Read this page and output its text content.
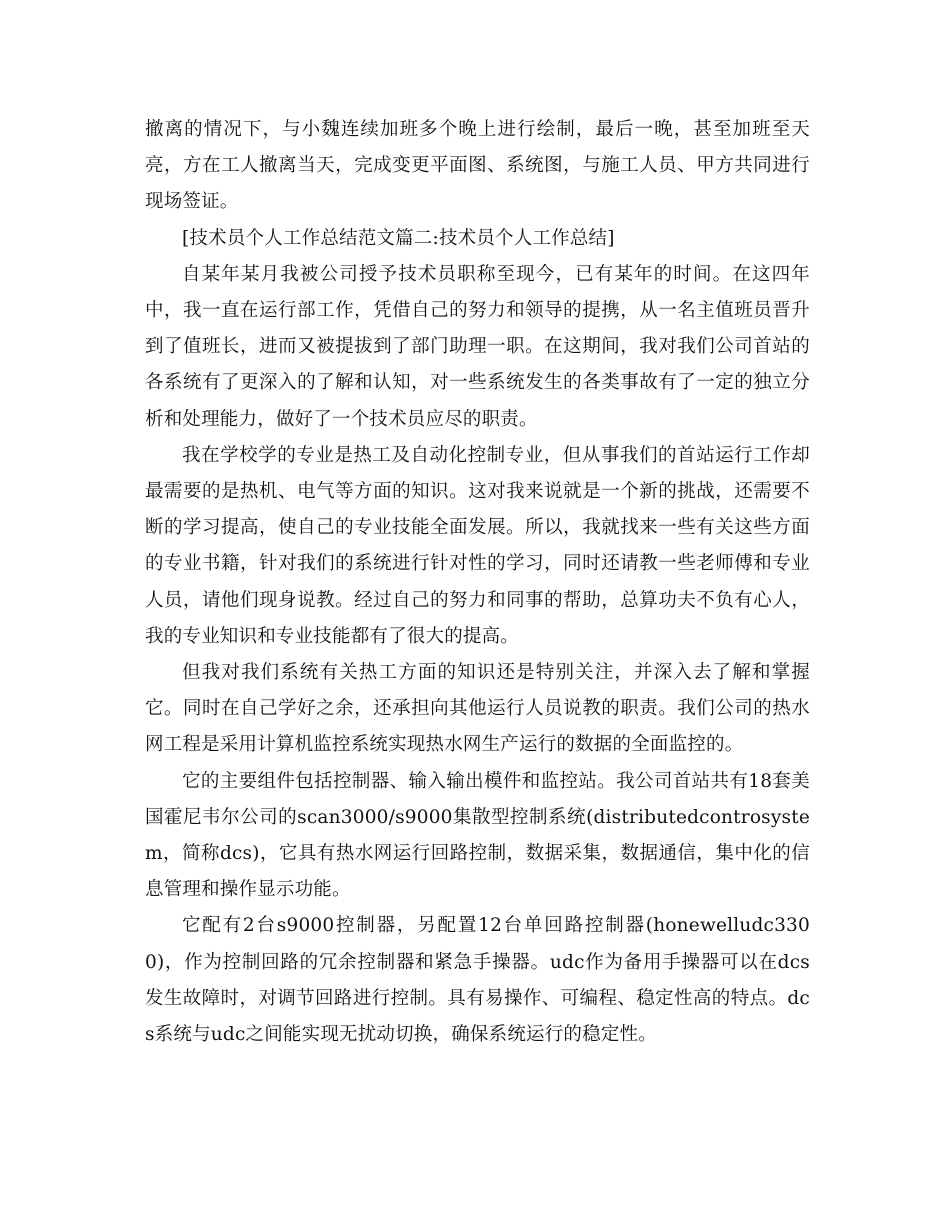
撤离的情况下，与小魏连续加班多个晚上进行绘制，最后一晚，甚至加班至天亮，方在工人撤离当天，完成变更平面图、系统图，与施工人员、甲方共同进行现场签证。

[技术员个人工作总结范文篇二:技术员个人工作总结]

自某年某月我被公司授予技术员职称至现今，已有某年的时间。在这四年中，我一直在运行部工作，凭借自己的努力和领导的提携，从一名主值班员晋升到了值班长，进而又被提拔到了部门助理一职。在这期间，我对我们公司首站的各系统有了更深入的了解和认知，对一些系统发生的各类事故有了一定的独立分析和处理能力，做好了一个技术员应尽的职责。

我在学校学的专业是热工及自动化控制专业，但从事我们的首站运行工作却最需要的是热机、电气等方面的知识。这对我来说就是一个新的挑战，还需要不断的学习提高，使自己的专业技能全面发展。所以，我就找来一些有关这些方面的专业书籍，针对我们的系统进行针对性的学习，同时还请教一些老师傅和专业人员，请他们现身说教。经过自己的努力和同事的帮助，总算功夫不负有心人，我的专业知识和专业技能都有了很大的提高。

但我对我们系统有关热工方面的知识还是特别关注，并深入去了解和掌握它。同时在自己学好之余，还承担向其他运行人员说教的职责。我们公司的热水网工程是采用计算机监控系统实现热水网生产运行的数据的全面监控的。

它的主要组件包括控制器、输入输出模件和监控站。我公司首站共有18套美国霍尼韦尔公司的scan3000/s9000集散型控制系统(distributedcontrosystem，简称dcs)，它具有热水网运行回路控制，数据采集，数据通信，集中化的信息管理和操作显示功能。

它配有2台s9000控制器，另配置12台单回路控制器(honewelludc3300)，作为控制回路的冗余控制器和紧急手操器。udc作为备用手操器可以在dcs发生故障时，对调节回路进行控制。具有易操作、可编程、稳定性高的特点。dcs系统与udc之间能实现无扰动切换，确保系统运行的稳定性。
